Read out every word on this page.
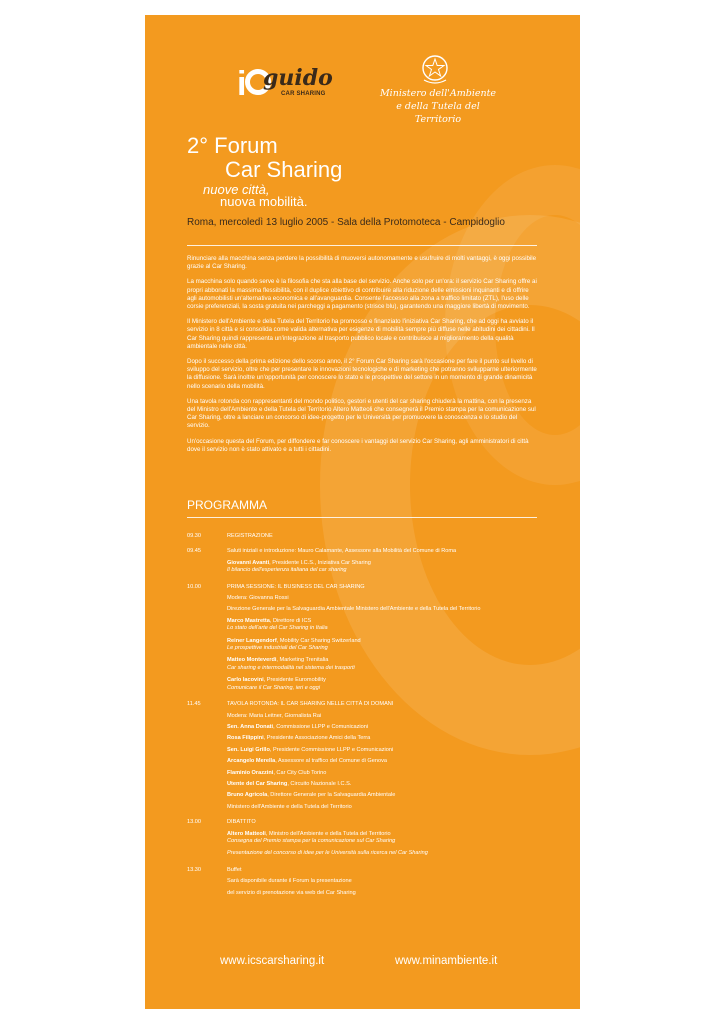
i guido
CAR SHARING	Ministero dell'Ambiente
e della Tutela del Territorio
2° Forum
Car Sharing
nuove città,
nuova mobilità.
Roma, mercoledì 13 luglio 2005 - Sala della Protomoteca - Campidoglio

Rinunciare alla macchina senza perdere la possibilità di muoversi autonomamente e usufruire di molti vantaggi, è oggi possibile grazie al Car Sharing.

La macchina solo quando serve è la filosofia che sta alla base del servizio. Anche solo per un'ora: il servizio Car Sharing offre ai propri abbonati la massima flessibilità, con il duplice obiettivo di contribuire alla riduzione delle emissioni inquinanti e di offrire agli automobilisti un'alternativa economica e all'avanguardia. Consente l'accesso alla zona a traffico limitato (ZTL), l'uso delle corsie preferenziali, la sosta gratuita nei parcheggi a pagamento (strisce blu), garantendo una maggiore libertà di movimento.

Il Ministero dell'Ambiente e della Tutela del Territorio ha promosso e finanziato l'iniziativa Car Sharing, che ad oggi ha avviato il servizio in 8 città e si consolida come valida alternativa per esigenze di mobilità sempre più diffuse nelle abitudini dei cittadini. Il Car Sharing quindi rappresenta un'integrazione al trasporto pubblico locale e contribuisce al miglioramento della qualità ambientale nelle città.

Dopo il successo della prima edizione dello scorso anno, il 2° Forum Car Sharing sarà l'occasione per fare il punto sul livello di sviluppo del servizio, oltre che per presentare le innovazioni tecnologiche e di marketing che potranno svilupparne ulteriormente la diffusione. Sarà inoltre un'opportunità per conoscere lo stato e le prospettive del settore in un momento di grande dinamicità nello scenario della mobilità.

Una tavola rotonda con rappresentanti del mondo politico, gestori e utenti del car sharing chiuderà la mattina, con la presenza del Ministro dell'Ambiente e della Tutela del Territorio Altero Matteoli che consegnerà il Premio stampa per la comunicazione sul Car Sharing, oltre a lanciare un concorso di idee-progetto per le Università per promuovere la conoscenza e lo studio del servizio.

Un'occasione questa del Forum, per diffondere e far conoscere i vantaggi del servizio Car Sharing, agli amministratori di città dove il servizio non è stato attivato e a tutti i cittadini.

PROGRAMMA
09.30	REGISTRAZIONE
09.45	Saluti iniziali e introduzione: Mauro Calamante, Assessore alla Mobilità del Comune di Roma
Giovanni Avanti, Presidente I.C.S., Iniziativa Car Sharing
Il bilancio dell'esperienza italiana del car sharing
10.00	PRIMA SESSIONE: IL BUSINESS DEL CAR SHARING
Modera: Giovanna Rossi
Direzione Generale per la Salvaguardia Ambientale Ministero dell'Ambiente e della Tutela del Territorio
Marco Mastretta, Direttore di ICS
Lo stato dell'arte del Car Sharing in Italia
Reiner Langendorf, Mobility Car Sharing Switzerland
Le prospettive industriali del Car Sharing
Matteo Monteverdi, Marketing Trenitalia
Car sharing e intermodalità nel sistema dei trasporti
Carlo Iacovini, Presidente Euromobility
Comunicare il Car Sharing, ieri e oggi
11.45	TAVOLA ROTONDA: IL CAR SHARING NELLE CITTÀ DI DOMANI
Modera: Maria Leitner, Giornalista Rai
Sen. Anna Donati, Commissione LLPP e Comunicazioni
Rosa Filippini, Presidente Associazione Amici della Terra
Sen. Luigi Grillo, Presidente Commissione LLPP e Comunicazioni
Arcangelo Merella, Assessore al traffico del Comune di Genova
Flaminio Orazzini, Car City Club Torino
Utente del Car Sharing, Circuito Nazionale I.C.S.
Bruno Agricola, Direttore Generale per la Salvaguardia Ambientale
Ministero dell'Ambiente e della Tutela del Territorio
13.00	DIBATTITO
Altero Matteoli, Ministro dell'Ambiente e della Tutela del Territorio
Consegna del Premio stampa per la comunicazione sul Car Sharing
Presentazione del concorso di idee per le Università sulla ricerca nel Car Sharing
13.30	Buffet
Sarà disponibile durante il Forum la presentazione
del servizio di prenotazione via web del Car Sharing
www.icscarsharing.it	www.minambiente.it
